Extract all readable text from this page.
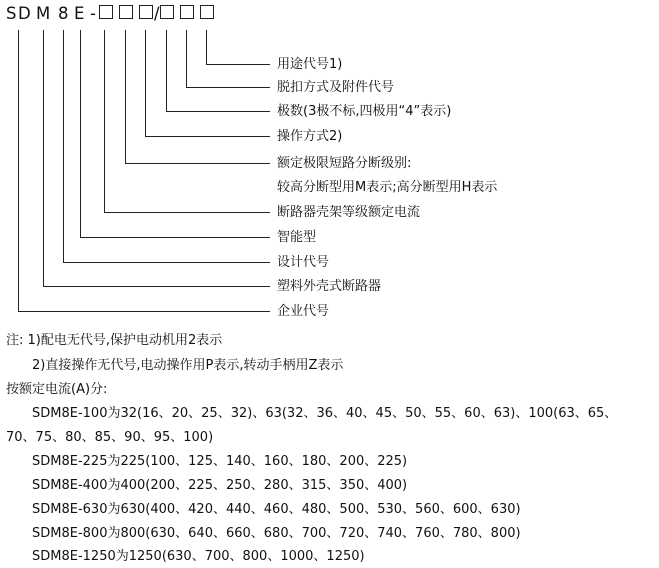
S D M 8 E -	/
用途代号1)
脱扣方式及附件代号
极数(3极不标,四极用“4”表示)
操作方式2)
额定极限短路分断级别:
较高分断型用M表示;高分断型用H表示
断路器壳架等级额定电流
智能型
设计代号
塑料外壳式断路器
企业代号
注: 1)配电无代号,保护电动机用2表示
2)直接操作无代号,电动操作用P表示,转动手柄用Z表示
按额定电流(A)分:
SDM8E-100为32(16、20、25、32)、63(32、36、40、45、50、55、60、63)、100(63、65、
70、75、80、85、90、95、100)
SDM8E-225为225(100、125、140、160、180、200、225)
SDM8E-400为400(200、225、250、280、315、350、400)
SDM8E-630为630(400、420、440、460、480、500、530、560、600、630)
SDM8E-800为800(630、640、660、680、700、720、740、760、780、800)
SDM8E-1250为1250(630、700、800、1000、1250)
